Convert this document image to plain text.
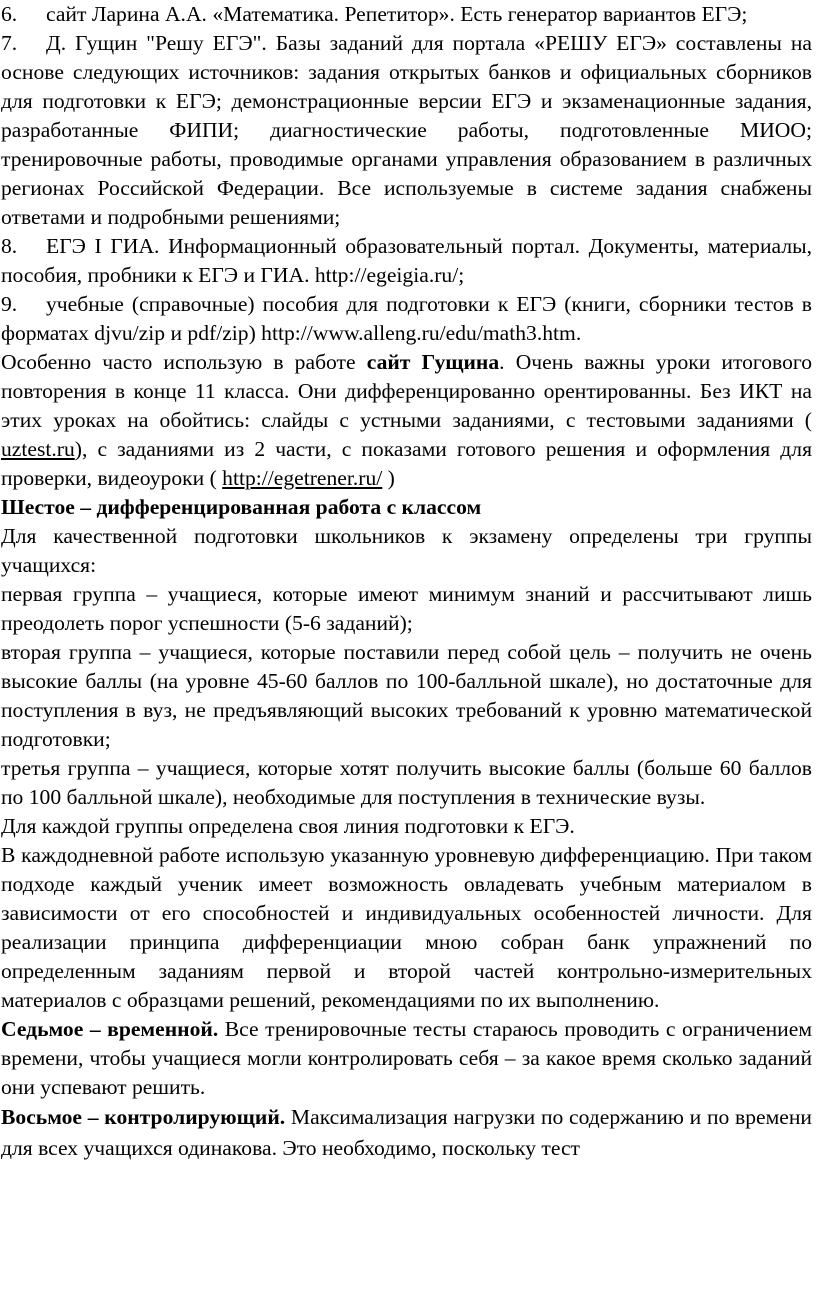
6. сайт Ларина А.А. «Математика. Репетитор». Есть генератор вариантов ЕГЭ;

7. Д. Гущин "Решу ЕГЭ". Базы заданий для портала «РЕШУ ЕГЭ» составлены на основе следующих источников: задания открытых банков и официальных сборников для подготовки к ЕГЭ; демонстрационные версии ЕГЭ и экзаменационные задания, разработанные ФИПИ; диагностические работы, подготовленные МИОО; тренировочные работы, проводимые органами управления образованием в различных регионах Российской Федерации. Все используемые в системе задания снабжены ответами и подробными решениями;

8. ЕГЭ I ГИА. Информационный образовательный портал. Документы, материалы, пособия, пробники к ЕГЭ и ГИА. http://egeigia.ru/;

9. учебные (справочные) пособия для подготовки к ЕГЭ (книги, сборники тестов в форматах djvu/zip и pdf/zip) http://www.alleng.ru/edu/math3.htm.

Особенно часто использую в работе сайт Гущина. Очень важны уроки итогового повторения в конце 11 класса. Они дифференцированно орентированны. Без ИКТ на этих уроках на обойтись: слайды с устными заданиями, с тестовыми заданиями ( uztest.ru), с заданиями из 2 части, с показами готового решения и оформления для проверки, видеоуроки ( http://egetrener.ru/ )

Шестое – дифференцированная работа с классом

Для качественной подготовки школьников к экзамену определены три группы учащихся:

первая группа – учащиеся, которые имеют минимум знаний и рассчитывают лишь преодолеть порог успешности (5-6 заданий);

вторая группа – учащиеся, которые поставили перед собой цель – получить не очень высокие баллы (на уровне 45-60 баллов по 100-балльной шкале), но достаточные для поступления в вуз, не предъявляющий высоких требований к уровню математической подготовки;

третья группа – учащиеся, которые хотят получить высокие баллы (больше 60 баллов по 100 балльной шкале), необходимые для поступления в технические вузы.

Для каждой группы определена своя линия подготовки к ЕГЭ.

В каждодневной работе использую указанную уровневую дифференциацию. При таком подходе каждый ученик имеет возможность овладевать учебным материалом в зависимости от его способностей и индивидуальных особенностей личности. Для реализации принципа дифференциации мною собран банк упражнений по определенным заданиям первой и второй частей контрольно-измерительных материалов с образцами решений, рекомендациями по их выполнению.

Седьмое – временной. Все тренировочные тесты стараюсь проводить с ограничением времени, чтобы учащиеся могли контролировать себя – за какое время сколько заданий они успевают решить.

Восьмое – контролирующий. Максимализация нагрузки по содержанию и по времени для всех учащихся одинакова. Это необходимо, поскольку тест
